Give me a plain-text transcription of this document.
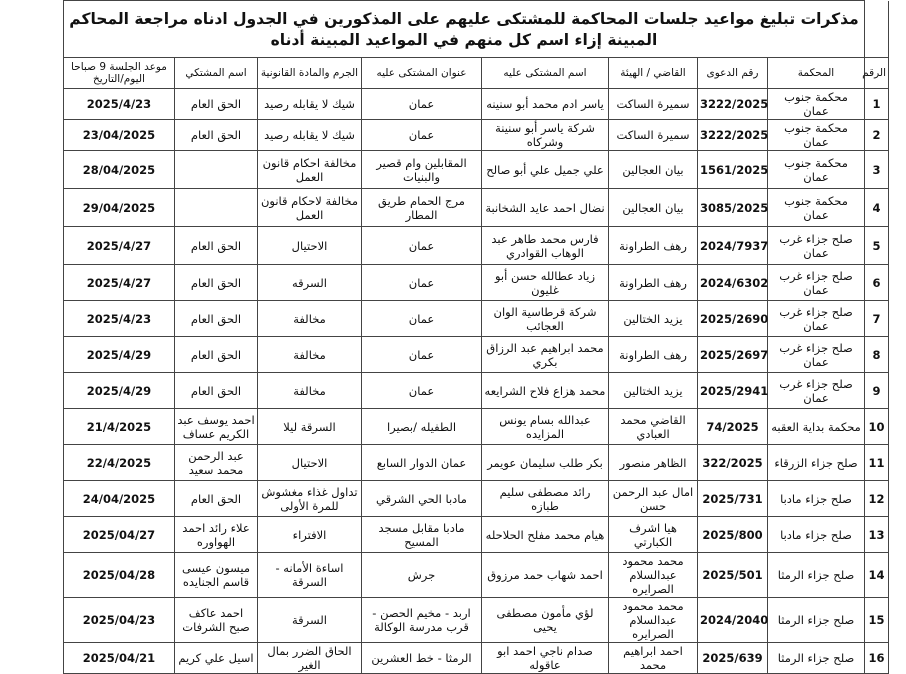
	مذكرات تبليغ مواعيد جلسات المحاكمة للمشتكى عليهم على المذكورين في الجدول ادناه مراجعة المحاكم المبينة إزاء اسم كل منهم في المواعيد المبينة أدناه							
الرقم	المحكمة	رقم الدعوى	القاضي / الهيئة	اسم المشتكى عليه	عنوان المشتكى عليه	الجرم والمادة القانونية	اسم المشتكي	موعد الجلسة 9 صباحا اليوم/التاريخ
1	محكمة جنوب عمان	3222/2025	سميرة الساكت	ياسر ادم محمد أبو سنينه	عمان	شيك لا يقابله رصيد	الحق العام	2025/4/23
2	محكمة جنوب عمان	3222/2025	سميرة الساكت	شركة ياسر أبو سنينة وشركاه	عمان	شيك لا يقابله رصيد	الحق العام	23/04/2025
3	محكمة جنوب عمان	1561/2025	بيان العجالين	علي جميل علي أبو صالح	المقابلين وام قصير والبنيات	مخالفة احكام قانون العمل		28/04/2025
4	محكمة جنوب عمان	3085/2025	بيان العجالين	نضال احمد عايد الشخانبة	مرج الحمام طريق المطار	مخالفة لاحكام قانون العمل		29/04/2025
5	صلح جزاء غرب عمان	2024/7937	رهف الطراونة	فارس محمد طاهر عبد الوهاب القوادري	عمان	الاحتيال	الحق العام	2025/4/27
6	صلح جزاء غرب عمان	2024/6302	رهف الطراونة	زياد عطالله حسن أبو غليون	عمان	السرقه	الحق العام	2025/4/27
7	صلح جزاء غرب عمان	2025/2690	يزيد الختالين	شركة قرطاسية الوان العجائب	عمان	مخالفة	الحق العام	2025/4/23
8	صلح جزاء غرب عمان	2025/2697	رهف الطراونة	محمد ابراهيم عبد الرزاق بكري	عمان	مخالفة	الحق العام	2025/4/29
9	صلح جزاء غرب عمان	2025/2941	يزيد الختالين	محمد هزاع فلاح الشرايعه	عمان	مخالفة	الحق العام	2025/4/29
10	محكمة بداية العقبه	74/2025	القاضي محمد العبادي	عبدالله بسام يونس المزايده	الطفيله /بصيرا	السرقة ليلا	احمد يوسف عبد الكريم عساف	21/4/2025
11	صلح جزاء الزرقاء	322/2025	الظاهر منصور	بكر طلب سليمان عويمر	عمان الدوار السابع	الاحتيال	عبد الرحمن محمد سعيد	22/4/2025
12	صلح جزاء مادبا	2025/731	امال عبد الرحمن حسن	رائد مصطفى سليم طبازه	مادبا الحي الشرقي	تداول غذاء مغشوش للمرة الأولى	الحق العام	24/04/2025
13	صلح جزاء مادبا	2025/800	هيا اشرف الكبارتي	هيام محمد مفلح الحلاحله	مادبا مقابل مسجد المسيح	الافتراء	علاء رائد احمد الهواوره	2025/04/27
14	صلح جزاء الرمثا	2025/501	محمد محمود عبدالسلام الصرايره	احمد شهاب حمد مرزوق	جرش	اساءة الأمانه - السرقة	ميسون عيسى قاسم الجنايده	2025/04/28
15	صلح جزاء الرمثا	2024/2040	محمد محمود عبدالسلام الصرايره	لؤي مأمون مصطفى يحيى	اربد - مخيم الحصن - قرب مدرسة الوكالة	السرقة	احمد عاكف صبح الشرفات	2025/04/23
16	صلح جزاء الرمثا	2025/639	احمد ابراهيم محمد	صدام ناجي احمد ابو عاقوله	الرمثا - خط العشرين	الحاق الضرر بمال الغير	اسيل علي كريم	2025/04/21
